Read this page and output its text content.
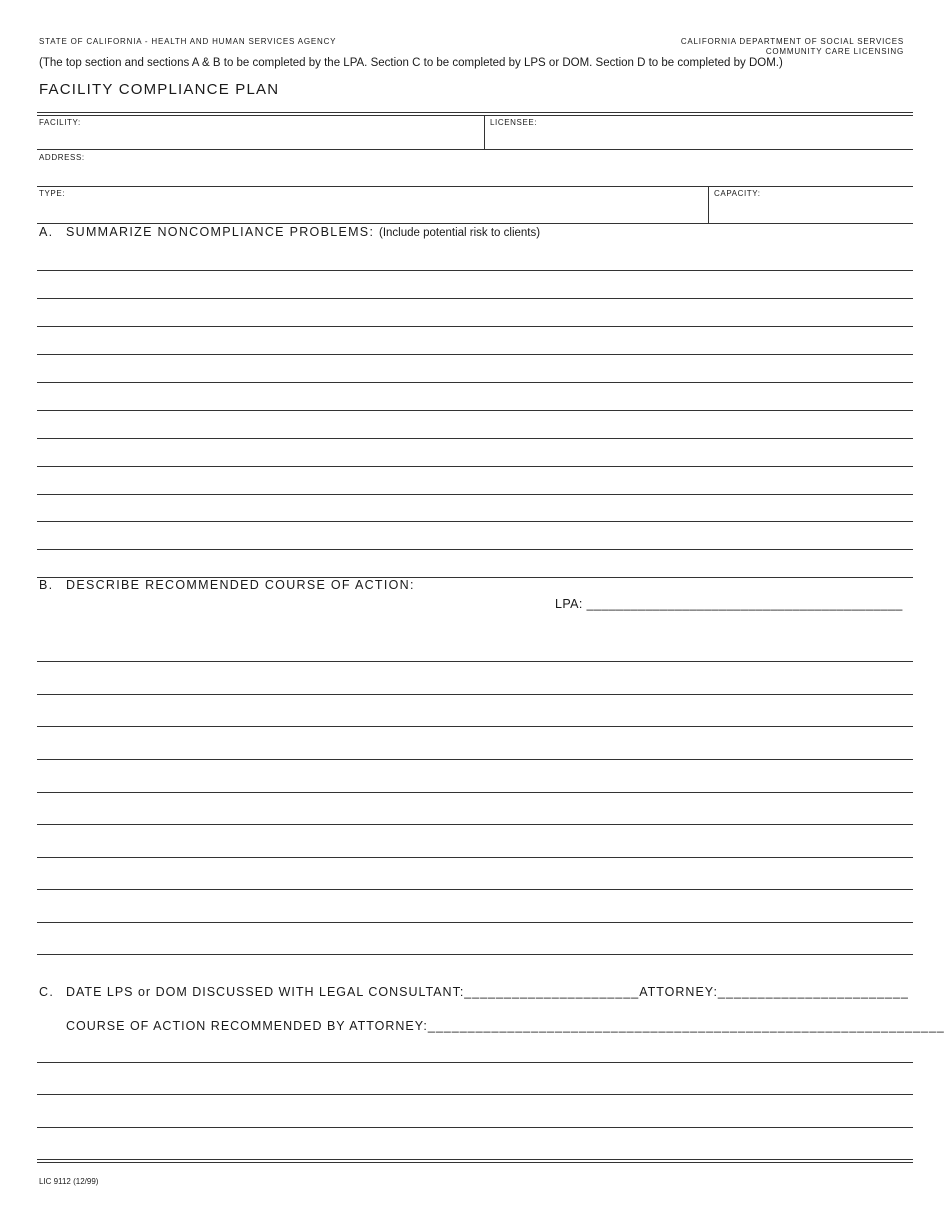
STATE OF CALIFORNIA - HEALTH AND HUMAN SERVICES AGENCY	CALIFORNIA DEPARTMENT OF SOCIAL SERVICES
COMMUNITY CARE LICENSING
(The top section and sections A & B to be completed by the LPA. Section C to be completed by LPS or DOM. Section D to be completed by DOM.)
FACILITY COMPLIANCE PLAN
FACILITY:	LICENSEE:
ADDRESS:
TYPE:	CAPACITY:
A. SUMMARIZE NONCOMPLIANCE PROBLEMS: (Include potential risk to clients)
B. DESCRIBE RECOMMENDED COURSE OF ACTION:
LPA: ___________________________________________
C. DATE LPS or DOM DISCUSSED WITH LEGAL CONSULTANT:______________________ATTORNEY:________________________
COURSE OF ACTION RECOMMENDED BY ATTORNEY:_________________________________________________________________
LIC 9112 (12/99)
